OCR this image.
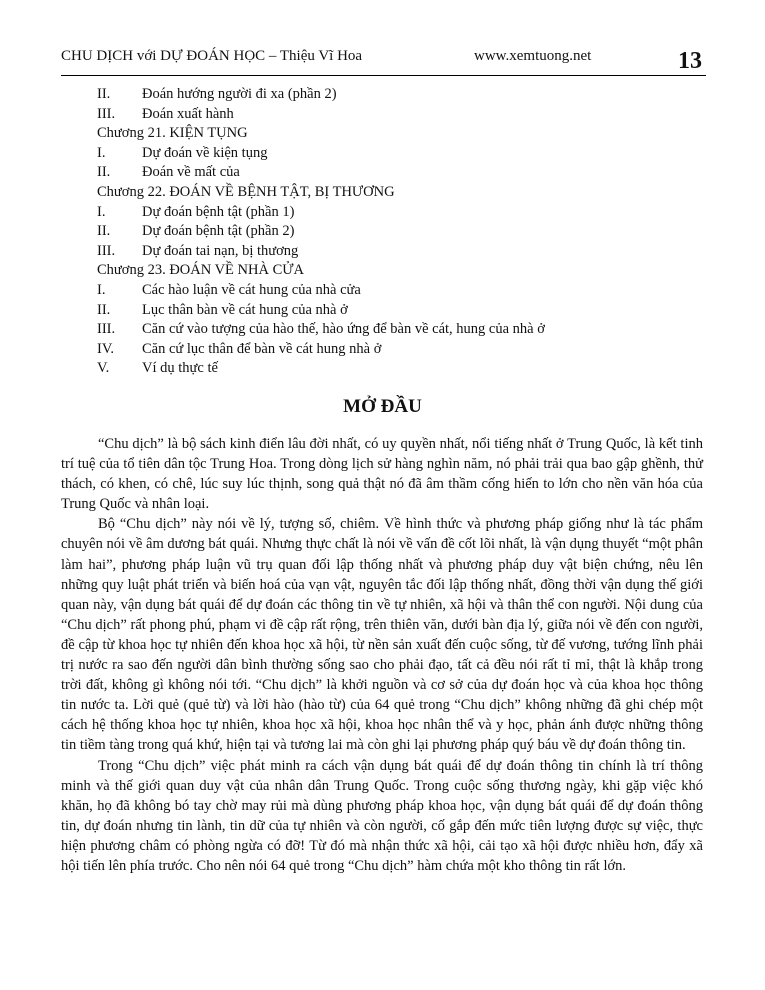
CHU DỊCH với DỰ ĐOÁN HỌC – Thiệu Vĩ Hoa	www.xemtuong.net	13
II. Đoán hướng người đi xa (phần 2)
III. Đoán xuất hành
Chương 21. KIỆN TỤNG
I.	Dự đoán về kiện tụng
II. Đoán về mất của
Chương 22. ĐOÁN VỀ BỆNH TẬT, BỊ THƯƠNG
I.	Dự đoán bệnh tật (phần 1)
II. Dự đoán bệnh tật (phần 2)
III. Dự đoán tai nạn, bị thương
Chương 23. ĐOÁN VỀ NHÀ CỬA
I.	Các hào luận về cát hung của nhà cửa
II. Lục thân bàn về cát hung của nhà ở
III. Căn cứ vào tượng của hào thế, hào ứng để bàn về cát, hung của nhà ở
IV. Căn cứ lục thân để bàn về cát hung nhà ở
V. Ví dụ thực tế
MỞ ĐẦU

“Chu dịch” là bộ sách kinh điển lâu đời nhất, có uy quyền nhất, nổi tiếng nhất ở Trung Quốc, là kết tinh trí tuệ của tổ tiên dân tộc Trung Hoa. Trong dòng lịch sử hàng nghìn năm, nó phải trải qua bao gập ghềnh, thử thách, có khen, có chê, lúc suy lúc thịnh, song quả thật nó đã âm thầm cống hiến to lớn cho nền văn hóa của Trung Quốc và nhân loại.

Bộ “Chu dịch” này nói về lý, tượng số, chiêm. Về hình thức và phương pháp giống như là tác phẩm chuyên nói về âm dương bát quái. Nhưng thực chất là nói về vấn đề cốt lõi nhất, là vận dụng thuyết “một phân làm hai”, phương pháp luận vũ trụ quan đối lập thống nhất và phương pháp duy vật biện chứng, nêu lên những quy luật phát triển và biến hoá của vạn vật, nguyên tắc đối lập thống nhất, đồng thời vận dụng thế giới quan này, vận dụng bát quái để dự đoán các thông tin về tự nhiên, xã hội và thân thể con người. Nội dung của “Chu dịch” rất phong phú, phạm vi đề cập rất rộng, trên thiên văn, dưới bàn địa lý, giữa nói về đến con người, đề cập từ khoa học tự nhiên đến khoa học xã hội, từ nền sản xuất đến cuộc sống, từ đế vương, tướng lĩnh phải trị nước ra sao đến người dân bình thường sống sao cho phải đạo, tất cả đều nói rất tỉ mỉ, thật là khắp trong trời đất, không gì không nói tới. “Chu dịch” là khởi nguồn và cơ sở của dự đoán học và của khoa học thông tin nước ta. Lời quẻ (quẻ từ) và lời hào (hào từ) của 64 quẻ trong “Chu dịch” không những đã ghi chép một cách hệ thống khoa học tự nhiên, khoa học xã hội, khoa học nhân thể và y học, phản ánh được những thông tin tiềm tàng trong quá khứ, hiện tại và tương lai mà còn ghi lại phương pháp quý báu về dự đoán thông tin.

Trong “Chu dịch” việc phát minh ra cách vận dụng bát quái để dự đoán thông tin chính là trí thông minh và thế giới quan duy vật của nhân dân Trung Quốc. Trong cuộc sống thương ngày, khi gặp việc khó khăn, họ đã không bó tay chờ may rủi mà dùng phương pháp khoa học, vận dụng bát quái để dự đoán thông tin, dự đoán nhưng tin lành, tin dữ của tự nhiên và còn người, cố gắp đến mức tiên lượng được sự việc, thực hiện phương châm có phòng ngừa có đỡ! Từ đó mà nhận thức xã hội, cải tạo xã hội được nhiều hơn, đẩy xã hội tiến lên phía trước. Cho nên nói 64 quẻ trong “Chu dịch” hàm chứa một kho thông tin rất lớn.
